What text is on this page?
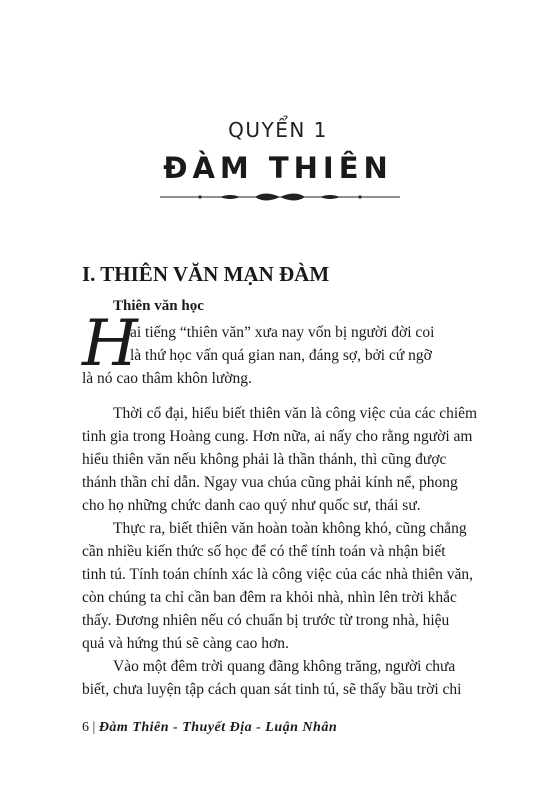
QUYỂN 1
ĐÀM THIÊN
I. THIÊN VĂN MẠN ĐÀM
Thiên văn học
H
ai tiếng “thiên văn” xưa nay vốn bị người đời coi
là thứ học vấn quá gian nan, đáng sợ, bởi cứ ngỡ
là nó cao thâm khôn lường.

Thời cổ đại, hiểu biết thiên văn là công việc của các chiêm
tinh gia trong Hoàng cung. Hơn nữa, ai nấy cho rằng người am
hiểu thiên văn nếu không phải là thần thánh, thì cũng được
thánh thần chỉ dẫn. Ngay vua chúa cũng phải kính nể, phong
cho họ những chức danh cao quý như quốc sư, thái sư.

Thực ra, biết thiên văn hoàn toàn không khó, cũng chẳng
cần nhiều kiến thức số học để có thể tính toán và nhận biết
tinh tú. Tính toán chính xác là công việc của các nhà thiên văn,
còn chúng ta chỉ cần ban đêm ra khỏi nhà, nhìn lên trời khắc
thấy. Đương nhiên nếu có chuẩn bị trước từ trong nhà, hiệu
quả và hứng thú sẽ càng cao hơn.

Vào một đêm trời quang đãng không trăng, người chưa
biết, chưa luyện tập cách quan sát tinh tú, sẽ thấy bầu trời chi

6 | Đàm Thiên - Thuyết Địa - Luận Nhân
